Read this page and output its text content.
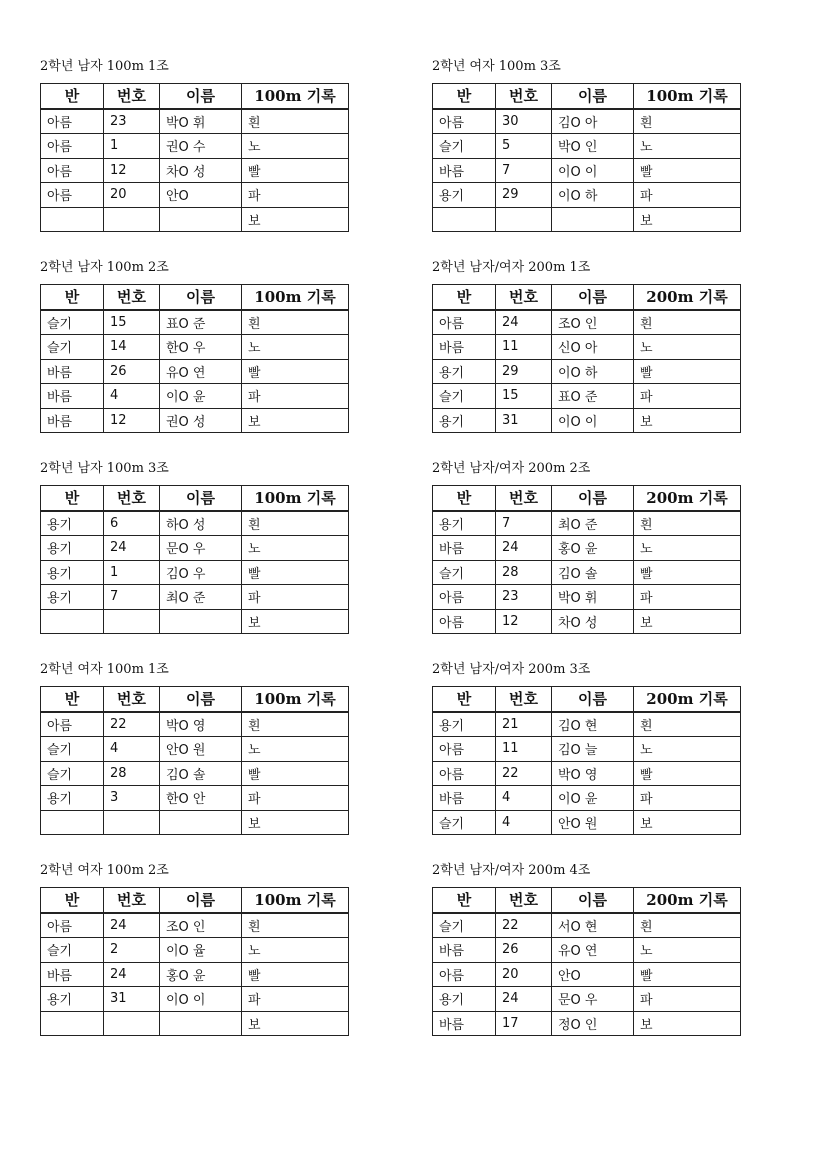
2학년 남자 100m 1조
반	번호	이름	100m 기록
아름	23	박O 휘	흰
아름	1	권O 수	노
아름	12	차O 성	빨
아름	20	안O	파
			보
2학년 여자 100m 3조
반	번호	이름	100m 기록
아름	30	김O 아	흰
슬기	5	박O 인	노
바름	7	이O 이	빨
용기	29	이O 하	파
			보
2학년 남자 100m 2조
반	번호	이름	100m 기록
슬기	15	표O 준	흰
슬기	14	한O 우	노
바름	26	유O 연	빨
바름	4	이O 윤	파
바름	12	권O 성	보
2학년 남자/여자 200m 1조
반	번호	이름	200m 기록
아름	24	조O 인	흰
바름	11	신O 아	노
용기	29	이O 하	빨
슬기	15	표O 준	파
용기	31	이O 이	보
2학년 남자 100m 3조
반	번호	이름	100m 기록
용기	6	하O 성	흰
용기	24	문O 우	노
용기	1	김O 우	빨
용기	7	최O 준	파
			보
2학년 남자/여자 200m 2조
반	번호	이름	200m 기록
용기	7	최O 준	흰
바름	24	홍O 윤	노
슬기	28	김O 솔	빨
아름	23	박O 휘	파
아름	12	차O 성	보
2학년 여자 100m 1조
반	번호	이름	100m 기록
아름	22	박O 영	흰
슬기	4	안O 원	노
슬기	28	김O 솔	빨
용기	3	한O 안	파
			보
2학년 남자/여자 200m 3조
반	번호	이름	200m 기록
용기	21	김O 현	흰
아름	11	김O 늘	노
아름	22	박O 영	빨
바름	4	이O 윤	파
슬기	4	안O 원	보
2학년 여자 100m 2조
반	번호	이름	100m 기록
아름	24	조O 인	흰
슬기	2	이O 율	노
바름	24	홍O 윤	빨
용기	31	이O 이	파
			보
2학년 남자/여자 200m 4조
반	번호	이름	200m 기록
슬기	22	서O 현	흰
바름	26	유O 연	노
아름	20	안O	빨
용기	24	문O 우	파
바름	17	정O 인	보
